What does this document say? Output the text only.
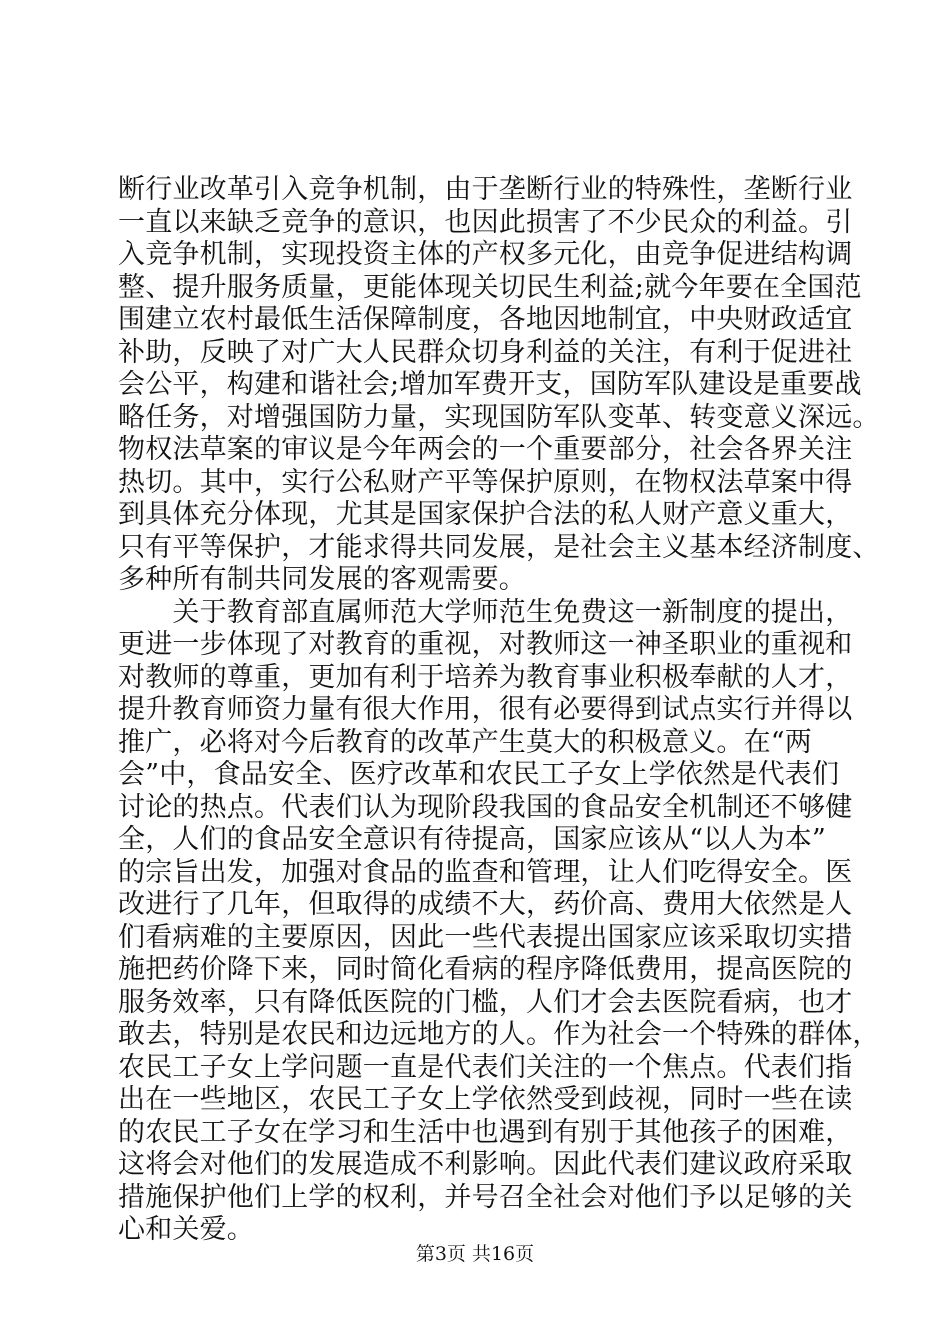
断行业改革引入竞争机制，由于垄断行业的特殊性，垄断行业
一直以来缺乏竞争的意识，也因此损害了不少民众的利益。引
入竞争机制，实现投资主体的产权多元化，由竞争促进结构调
整、提升服务质量，更能体现关切民生利益;就今年要在全国范
围建立农村最低生活保障制度，各地因地制宜，中央财政适宜
补助，反映了对广大人民群众切身利益的关注，有利于促进社
会公平，构建和谐社会;增加军费开支，国防军队建设是重要战
略任务，对增强国防力量，实现国防军队变革、转变意义深远。
物权法草案的审议是今年两会的一个重要部分，社会各界关注
热切。其中，实行公私财产平等保护原则，在物权法草案中得
到具体充分体现，尤其是国家保护合法的私人财产意义重大，
只有平等保护，才能求得共同发展，是社会主义基本经济制度、
多种所有制共同发展的客观需要。
　　关于教育部直属师范大学师范生免费这一新制度的提出，
更进一步体现了对教育的重视，对教师这一神圣职业的重视和
对教师的尊重，更加有利于培养为教育事业积极奉献的人才，
提升教育师资力量有很大作用，很有必要得到试点实行并得以
推广，必将对今后教育的改革产生莫大的积极意义。在“两
会”中，食品安全、医疗改革和农民工子女上学依然是代表们
讨论的热点。代表们认为现阶段我国的食品安全机制还不够健
全，人们的食品安全意识有待提高，国家应该从“以人为本”
的宗旨出发，加强对食品的监查和管理，让人们吃得安全。医
改进行了几年，但取得的成绩不大，药价高、费用大依然是人
们看病难的主要原因，因此一些代表提出国家应该采取切实措
施把药价降下来，同时简化看病的程序降低费用，提高医院的
服务效率，只有降低医院的门槛，人们才会去医院看病，也才
敢去，特别是农民和边远地方的人。作为社会一个特殊的群体，
农民工子女上学问题一直是代表们关注的一个焦点。代表们指
出在一些地区，农民工子女上学依然受到歧视，同时一些在读
的农民工子女在学习和生活中也遇到有别于其他孩子的困难，
这将会对他们的发展造成不利影响。因此代表们建议政府采取
措施保护他们上学的权利，并号召全社会对他们予以足够的关
心和关爱。
第3页 共16页
